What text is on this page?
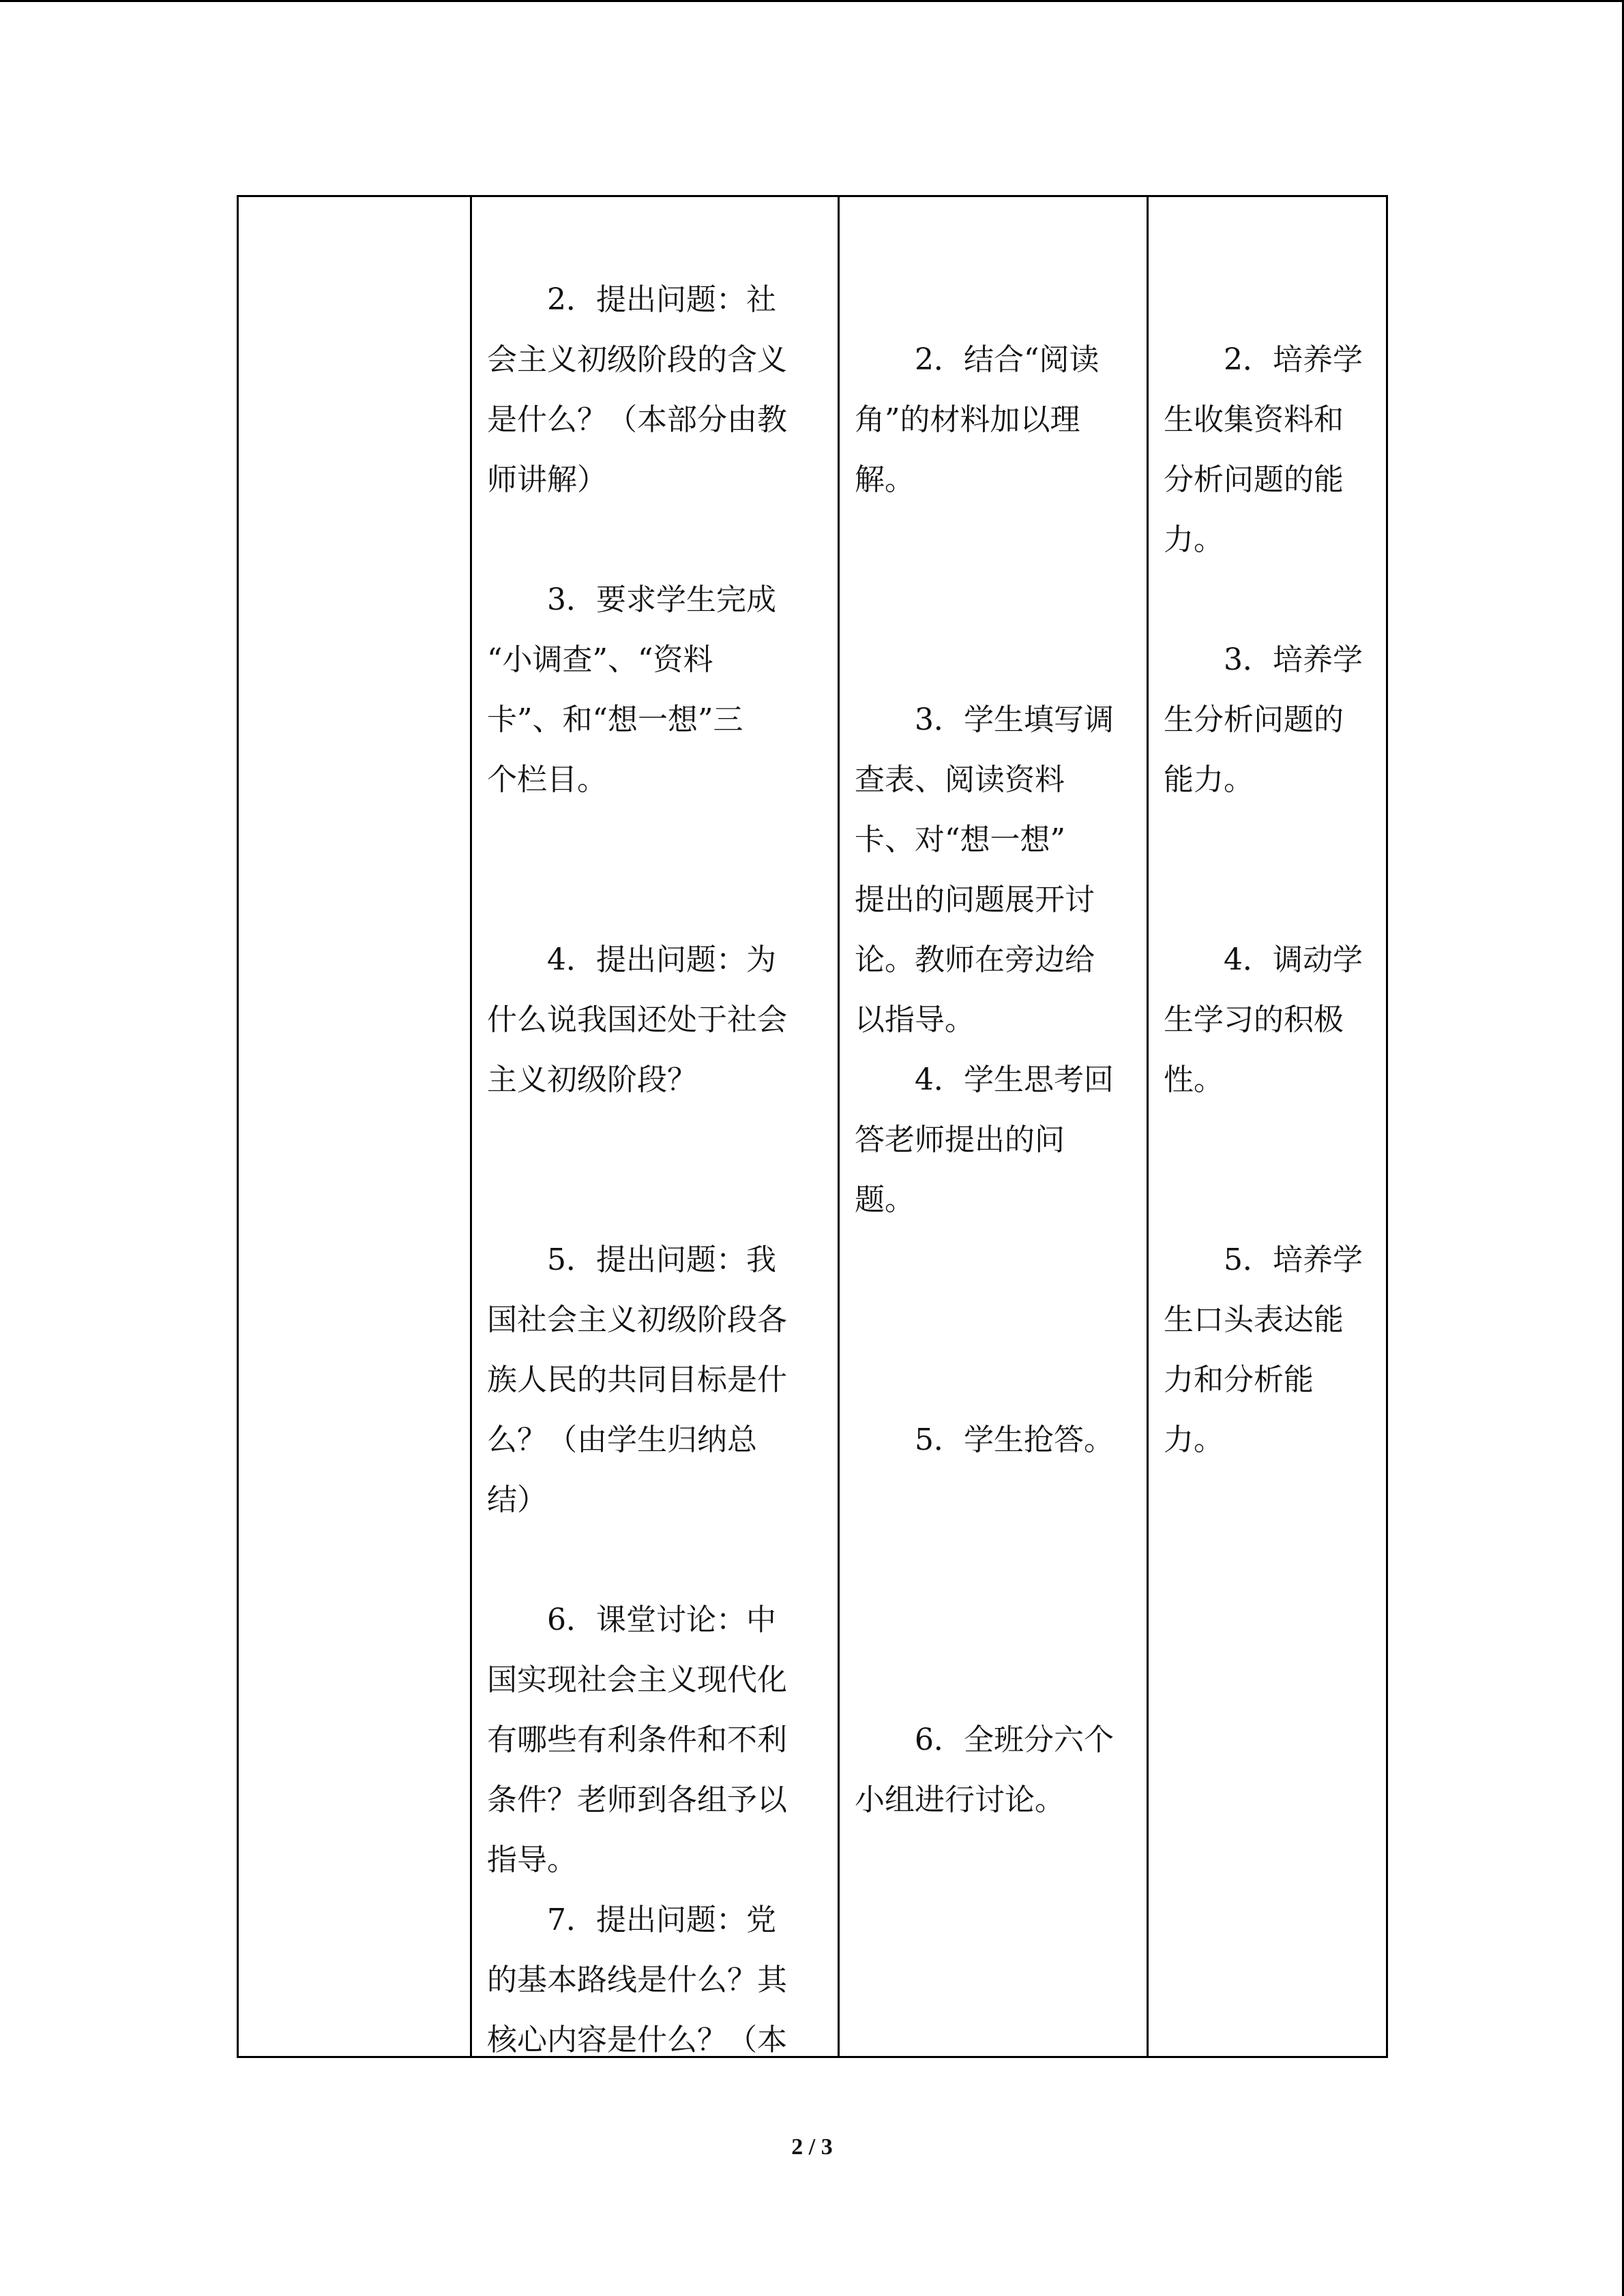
　　2．提出问题：社
会主义初级阶段的含义
是什么？（本部分由教
师讲解）
　　3．要求学生完成
“小调查”、“资料
卡”、和“想一想”三
个栏目。
　　4．提出问题：为
什么说我国还处于社会
主义初级阶段？
　　5．提出问题：我
国社会主义初级阶段各
族人民的共同目标是什
么？（由学生归纳总
结）
　　6．课堂讨论：中
国实现社会主义现代化
有哪些有利条件和不利
条件？老师到各组予以
指导。
　　7．提出问题：党
的基本路线是什么？其
核心内容是什么？（本
　　2．结合“阅读
角”的材料加以理
解。
　　3．学生填写调
查表、阅读资料
卡、对“想一想”
提出的问题展开讨
论。教师在旁边给
以指导。
　　4．学生思考回
答老师提出的问
题。
　　5．学生抢答。
　　6．全班分六个
小组进行讨论。
　　2．培养学
生收集资料和
分析问题的能
力。
　　3．培养学
生分析问题的
能力。
　　4．调动学
生学习的积极
性。
　　5．培养学
生口头表达能
力和分析能
力。
2 / 3
